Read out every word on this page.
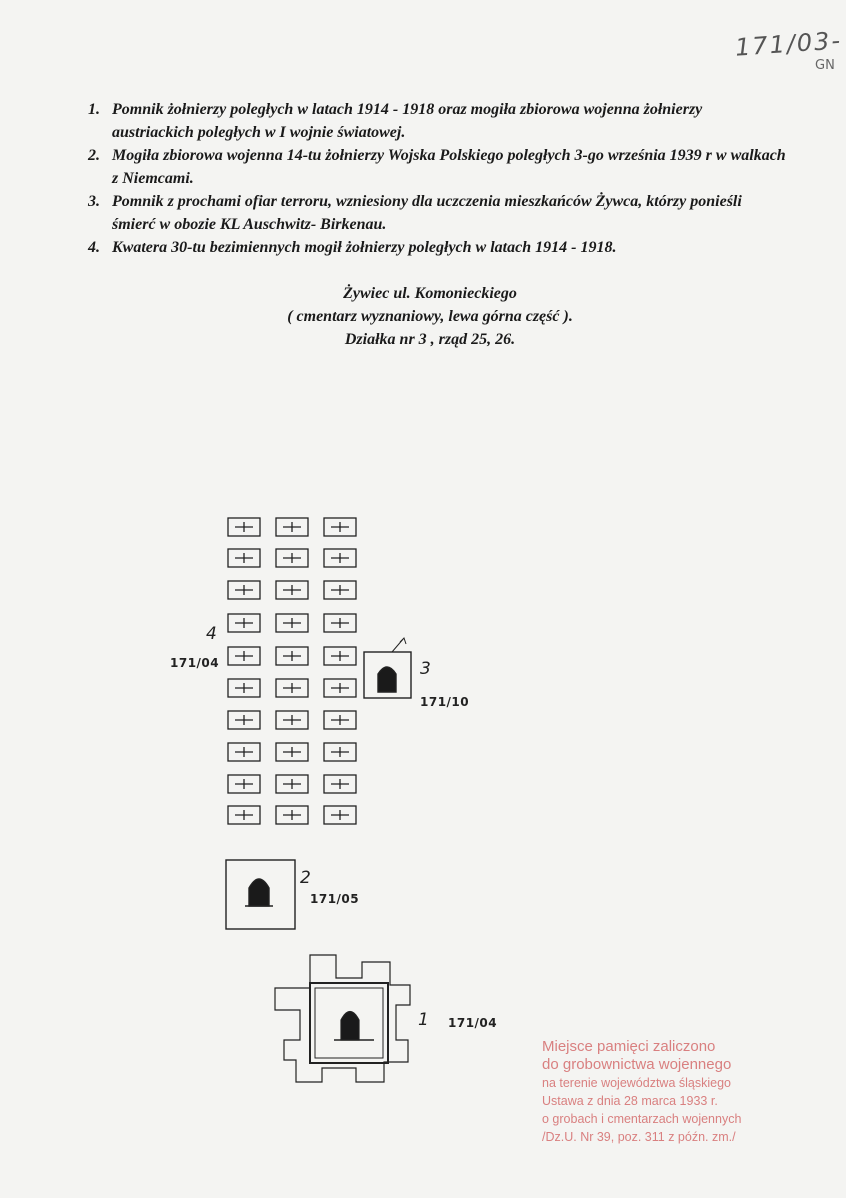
171/03-
GN
1. Pomnik żołnierzy poległych w latach 1914 - 1918 oraz mogiła zbiorowa wojenna żołnierzy austriackich poległych w I wojnie światowej.
2. Mogiła zbiorowa wojenna 14-tu żołnierzy Wojska Polskiego poległych 3-go września 1939 r w walkach z Niemcami.
3. Pomnik z prochami ofiar terroru, wzniesiony dla uczczenia mieszkańców Żywca, którzy ponieśli śmierć w obozie KL Auschwitz- Birkenau.
4. Kwatera 30-tu bezimiennych mogił żołnierzy poległych w latach 1914 - 1918.
Żywiec ul. Komonieckiego
( cmentarz wyznaniowy, lewa górna część ).
Działka nr 3 , rząd 25, 26.
4
171/04	3
171/10
2
171/05
1 171/04
Miejsce pamięci zaliczono
do grobownictwa wojennego
na terenie województwa śląskiego
Ustawa z dnia 28 marca 1933 r.
o grobach i cmentarzach wojennych
/Dz.U. Nr 39, poz. 311 z późn. zm./
